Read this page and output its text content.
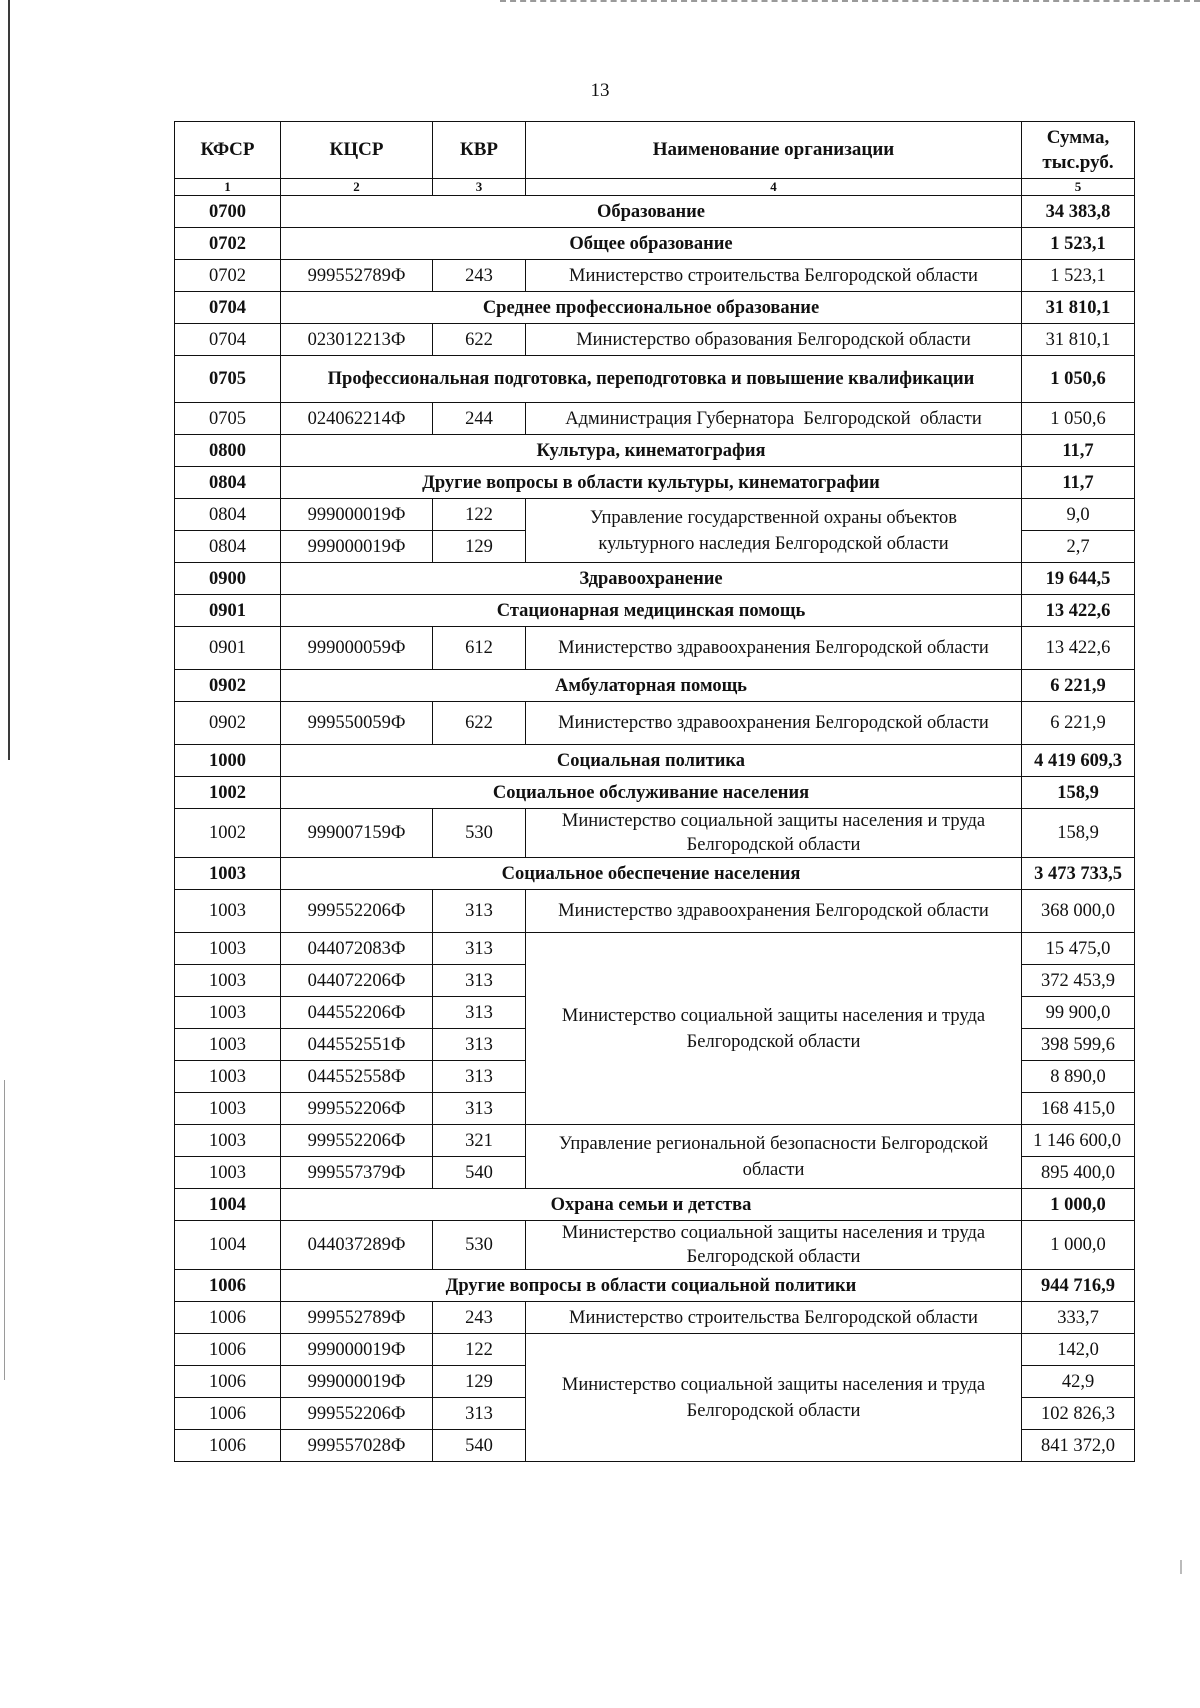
13
КФСР	КЦСР	КВР	Наименование организации	Сумма, тыс.руб.
1	2	3	4	5
0700	Образование			34 383,8
0702	Общее образование			1 523,1
0702	999552789Ф	243	Министерство строительства Белгородской области	1 523,1
0704	Среднее профессиональное образование			31 810,1
0704	023012213Ф	622	Министерство образования Белгородской области	31 810,1
0705	Профессиональная подготовка, переподготовка и повышение квалификации			1 050,6
0705	024062214Ф	244	Администрация Губернатора  Белгородской  области	1 050,6
0800	Культура, кинематография			11,7
0804	Другие вопросы в области культуры, кинематографии			11,7
0804	999000019Ф	122	Управление государственной охраны объектов культурного наследия Белгородской области	9,0
0804	999000019Ф	129		2,7
0900	Здравоохранение			19 644,5
0901	Стационарная медицинская помощь			13 422,6
0901	999000059Ф	612	Министерство здравоохранения Белгородской области	13 422,6
0902	Амбулаторная помощь			6 221,9
0902	999550059Ф	622	Министерство здравоохранения Белгородской области	6 221,9
1000	Социальная политика			4 419 609,3
1002	Социальное обслуживание населения			158,9
1002	999007159Ф	530	Министерство социальной защиты населения и труда Белгородской области	158,9
1003	Социальное обеспечение населения			3 473 733,5
1003	999552206Ф	313	Министерство здравоохранения Белгородской области	368 000,0
1003	044072083Ф	313	Министерство социальной защиты населения и труда Белгородской области	15 475,0
1003	044072206Ф	313		372 453,9
1003	044552206Ф	313		99 900,0
1003	044552551Ф	313		398 599,6
1003	044552558Ф	313		8 890,0
1003	999552206Ф	313		168 415,0
1003	999552206Ф	321	Управление региональной безопасности Белгородской области	1 146 600,0
1003	999557379Ф	540		895 400,0
1004	Охрана семьи и детства			1 000,0
1004	044037289Ф	530	Министерство социальной защиты населения и труда Белгородской области	1 000,0
1006	Другие вопросы в области социальной политики			944 716,9
1006	999552789Ф	243	Министерство строительства Белгородской области	333,7
1006	999000019Ф	122	Министерство социальной защиты населения и труда Белгородской области	142,0
1006	999000019Ф	129		42,9
1006	999552206Ф	313		102 826,3
1006	999557028Ф	540		841 372,0
